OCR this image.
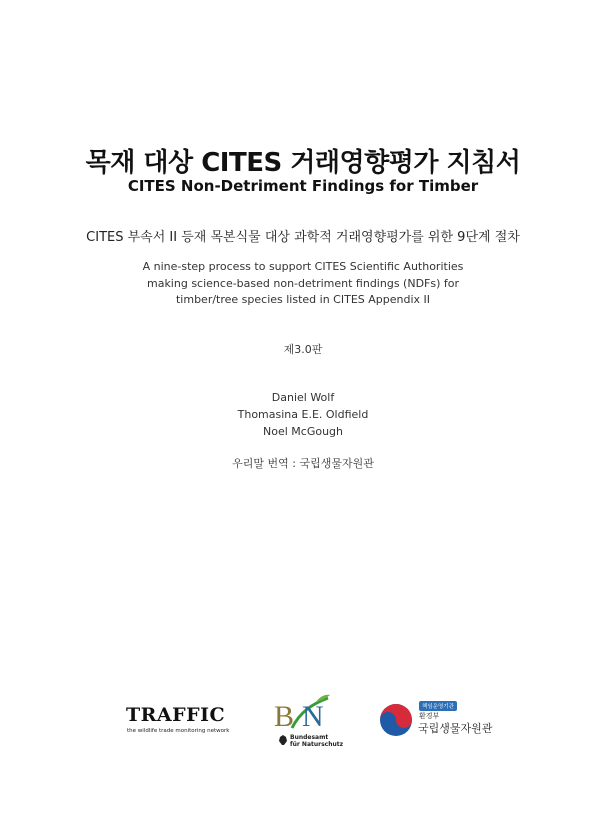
목재 대상 CITES 거래영향평가 지침서
CITES Non-Detriment Findings for Timber
CITES 부속서 II 등재 목본식물 대상 과학적 거래영향평가를 위한 9단계 절차
A nine-step process to support CITES Scientific Authorities
making science-based non-detriment findings (NDFs) for
timber/tree species listed in CITES Appendix II
제3.0판
Daniel Wolf
Thomasina E.E. Oldfield
Noel McGough
우리말 번역 : 국립생물자원관
TRAFFIC
the wildlife trade monitoring network B N
Bundesamt
für Naturschutz
책임운영기관
환경부
국립생물자원관
